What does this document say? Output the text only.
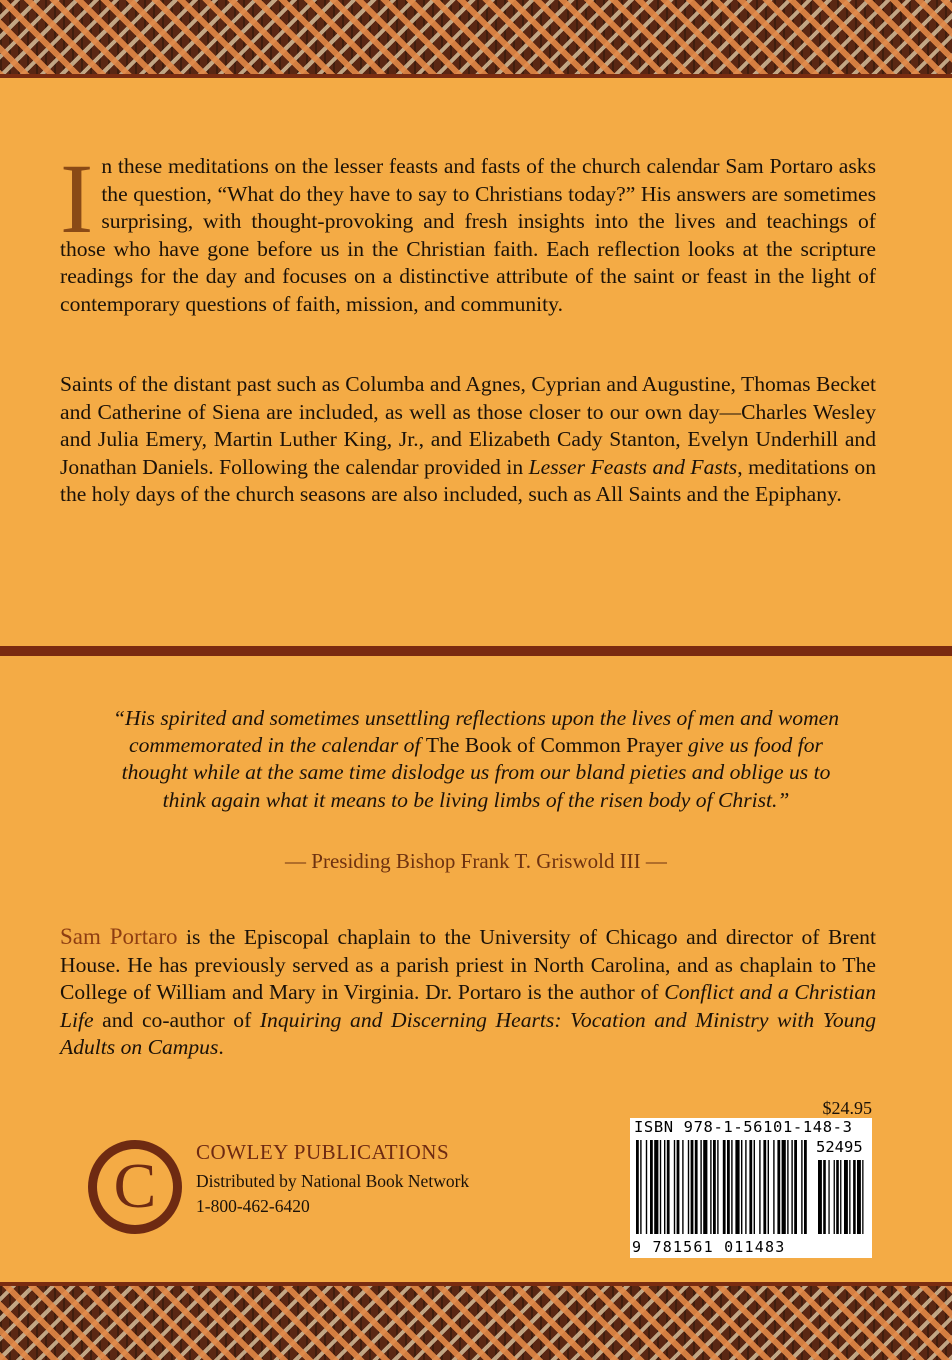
In these meditations on the lesser feasts and fasts of the church calendar Sam Portaro asks the question, “What do they have to say to Christians today?” His answers are sometimes surprising, with thought-provoking and fresh insights into the lives and teachings of those who have gone before us in the Christian faith. Each reflection looks at the scripture readings for the day and focuses on a distinctive attribute of the saint or feast in the light of contemporary questions of faith, mission, and community.

Saints of the distant past such as Columba and Agnes, Cyprian and Augustine, Thomas Becket and Catherine of Siena are included, as well as those closer to our own day—Charles Wesley and Julia Emery, Martin Luther King, Jr., and Elizabeth Cady Stanton, Evelyn Underhill and Jonathan Daniels. Following the calendar provided in Lesser Feasts and Fasts, meditations on the holy days of the church seasons are also included, such as All Saints and the Epiphany.

“His spirited and sometimes unsettling reflections upon the lives of men and women commemorated in the calendar of The Book of Common Prayer give us food for thought while at the same time dislodge us from our bland pieties and oblige us to think again what it means to be living limbs of the risen body of Christ.”

— Presiding Bishop Frank T. Griswold III —

Sam Portaro is the Episcopal chaplain to the University of Chicago and director of Brent House. He has previously served as a parish priest in North Carolina, and as chaplain to The College of William and Mary in Virginia. Dr. Portaro is the author of Conflict and a Christian Life and co-author of Inquiring and Discerning Hearts: Vocation and Ministry with Young Adults on Campus.

C	COWLEY PUBLICATIONS
Distributed by National Book Network
1-800-462-6420
$24.95
ISBN 978-1-56101-148-3
52495
9 781561 011483
